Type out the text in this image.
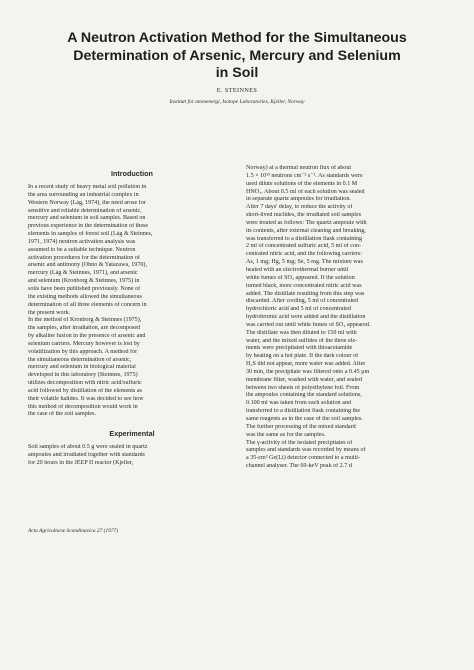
A Neutron Activation Method for the Simultaneous
Determination of Arsenic, Mercury and Selenium
in Soil
E. STEINNES
Institutt for atomenergi, Isotope Laboratories, Kjeller, Norway
Introduction
In a recent study of heavy metal soil pollution in
the area surrounding an industrial complex in
Western Norway (Låg, 1974), the need arose for
sensitive and reliable determination of arsenic,
mercury and selenium in soil samples. Based on
previous experience in the determination of these
elements in samples of forest soil (Låg & Steinnes,
1971, 1974) neutron activation analysis was
assumed to be a suitable technique. Neutron
activation procedures for the determination of
arsenic and antimony (Ohno & Yatazawa, 1970),
mercury (Låg & Steinnes, 1971), and arsenic
and selenium (Kronborg & Steinnes, 1975) in
soils have been published previously. None of
the existing methods allowed the simultaneous
determination of all three elements of concern in
the present work.
In the method of Kronborg & Steinnes (1975),
the samples, after irradiation, are decomposed
by alkaline fusion in the presence of arsenic and
selenium carriers. Mercury however is lost by
volatilization by this approach. A method for
the simultaneous determination of arsenic,
mercury and selenium in biological material
developed in this laboratory (Steinnes, 1975)
utilizes decomposition with nitric acid/sulfuric
acid followed by distillation of the elements as
their volatile halides. It was decided to see how
this method of decomposition would work in
the case of the soil samples.
Experimental
Soil samples of about 0.5 g were sealed in quartz
ampoules and irradiated together with standards
for 20 hours in the JEEP II reactor (Kjeller,
Norway) at a thermal neutron flux of about
1.5 × 10¹³ neutrons cm⁻² s⁻¹. As standards were
used dilute solutions of the elements in 0.1 M
HNO₃. About 0.5 ml of each solution was sealed
in separate quartz ampoules for irradiation.
After 7 days' delay, to reduce the activity of
short-lived nuclides, the irradiated soil samples
were treated as follows: The quartz ampoule with
its contents, after external cleaning and breaking,
was transferred to a distillation flask containing
2 ml of concentrated sulfuric acid, 5 ml of con-
centrated nitric acid, and the following carriers:
As, 1 mg; Hg, 5 mg; Se, 5 mg. The mixture was
heated with an electrothermal burner until
white fumes of SO₃ appeared. If the solution
turned black, more concentrated nitric acid was
added. The distillate resulting from this step was
discarded. After cooling, 5 ml of concentrated
hydrochloric acid and 5 ml of concentrated
hydrobromic acid were added and the distillation
was carried out until white fumes of SO₃ appeared.
The distillate was then diluted to 150 ml with
water, and the mixed sulfides of the three ele-
ments were precipitated with thioacetamide
by heating on a hot plate. If the dark colour of
H₂S did not appear, more water was added. After
30 min, the precipitate was filtered onto a 0.45 μm
membrane filter, washed with water, and sealed
between two sheets of polyethylene foil. From
the ampoules containing the standard solutions,
0.100 ml was taken from each solution and
transferred to a distillation flask containing the
same reagents as in the case of the soil samples.
The further processing of the mixed standard
was the same as for the samples.
The γ-activity of the isolated precipitates of
samples and standards was recorded by means of
a 35-cm³ Ge(Li) detector connected to a multi-
channel analyser. The 69-keV peak of 2.7 d
Acta Agriculturæ Scandinavica 27 (1977)
